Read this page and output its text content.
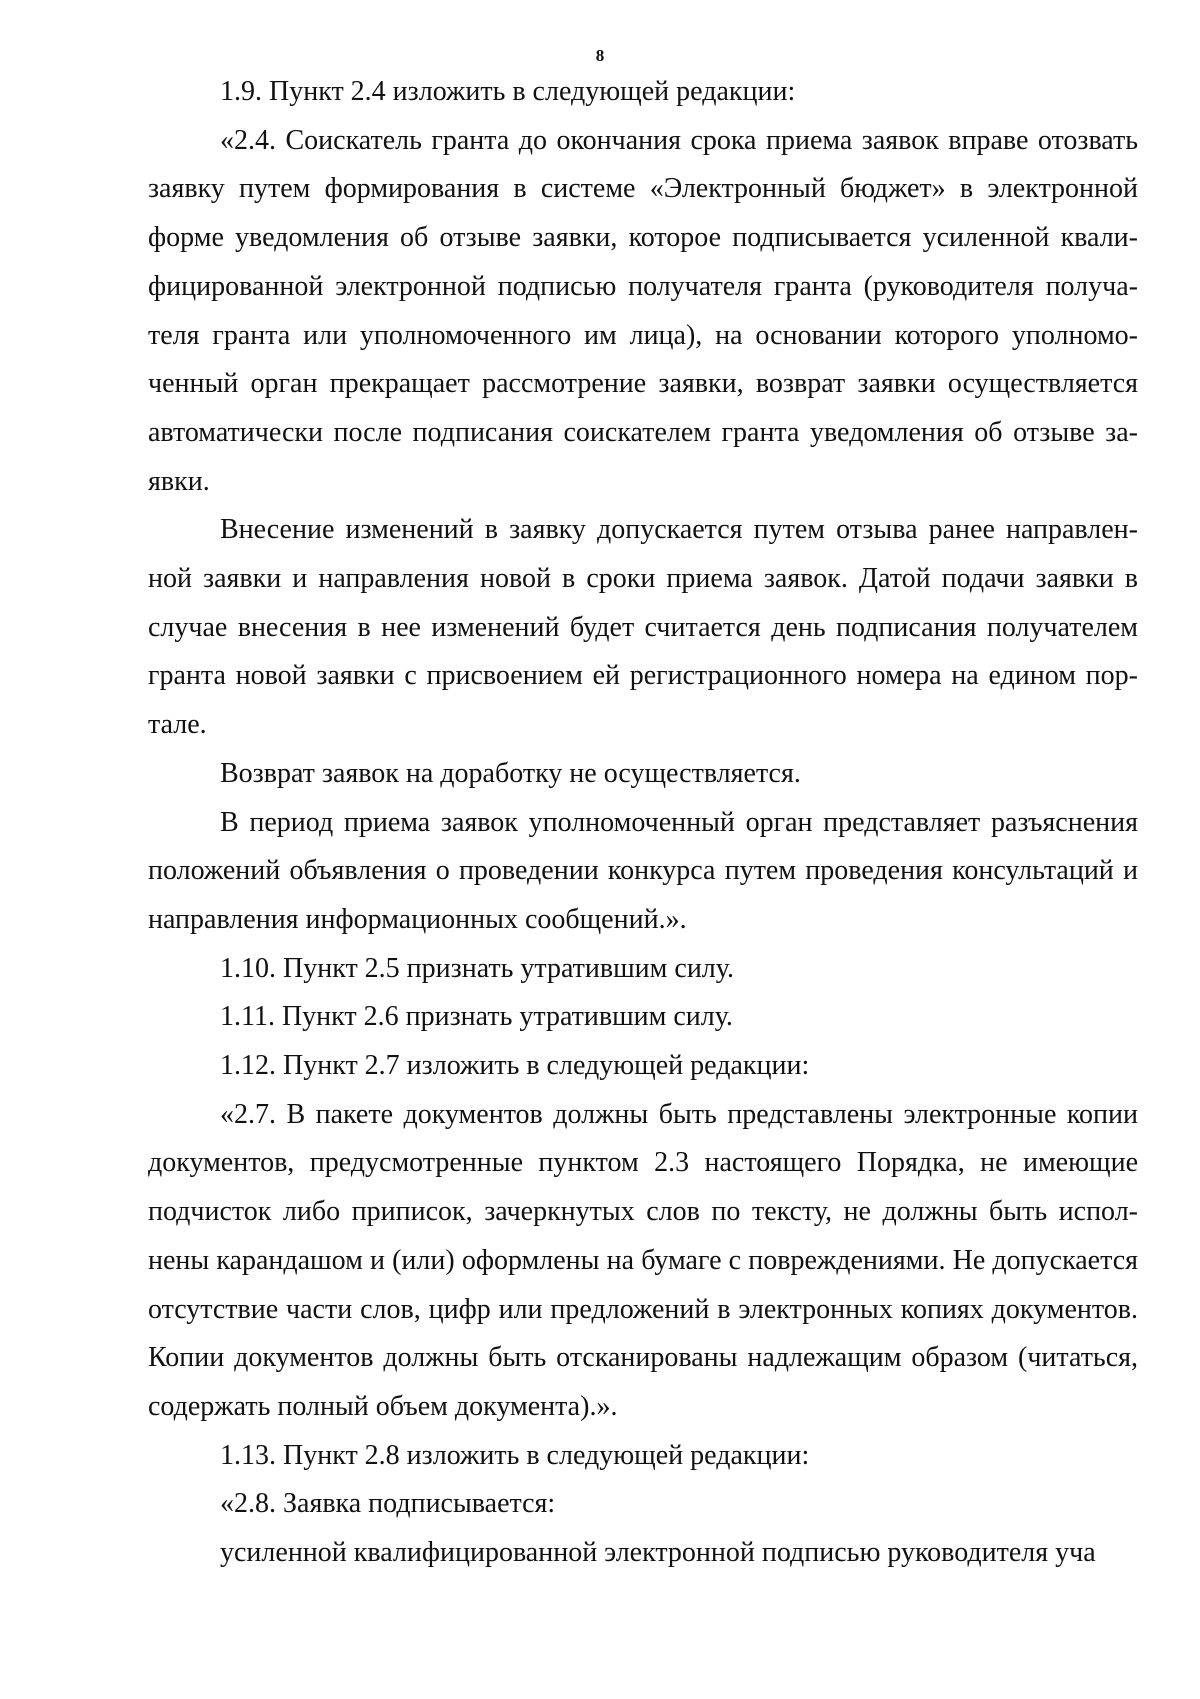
8

1.9. Пункт 2.4 изложить в следующей редакции:

«2.4. Соискатель гранта до окончания срока приема заявок вправе отозвать заявку путем формирования в системе «Электронный бюджет» в электронной форме уведомления об отзыве заявки, которое подписывается усиленной квалифицированной электронной подписью получателя гранта (руководителя получателя гранта или уполномоченного им лица), на основании которого уполномоченный орган прекращает рассмотрение заявки, возврат заявки осуществляется автоматически после подписания соискателем гранта уведомления об отзыве заявки.

Внесение изменений в заявку допускается путем отзыва ранее направленной заявки и направления новой в сроки приема заявок. Датой подачи заявки в случае внесения в нее изменений будет считается день подписания получателем гранта новой заявки с присвоением ей регистрационного номера на едином портале.

Возврат заявок на доработку не осуществляется.

В период приема заявок уполномоченный орган представляет разъяснения положений объявления о проведении конкурса путем проведения консультаций и направления информационных сообщений.».

1.10. Пункт 2.5 признать утратившим силу.

1.11. Пункт 2.6 признать утратившим силу.

1.12. Пункт 2.7 изложить в следующей редакции:

«2.7. В пакете документов должны быть представлены электронные копии документов, предусмотренные пунктом 2.3 настоящего Порядка, не имеющие подчисток либо приписок, зачеркнутых слов по тексту, не должны быть исполнены карандашом и (или) оформлены на бумаге с повреждениями. Не допускается отсутствие части слов, цифр или предложений в электронных копиях документов. Копии документов должны быть отсканированы надлежащим образом (читаться, содержать полный объем документа).».

1.13. Пункт 2.8 изложить в следующей редакции:

«2.8. Заявка подписывается:

усиленной квалифицированной электронной подписью руководителя уча
